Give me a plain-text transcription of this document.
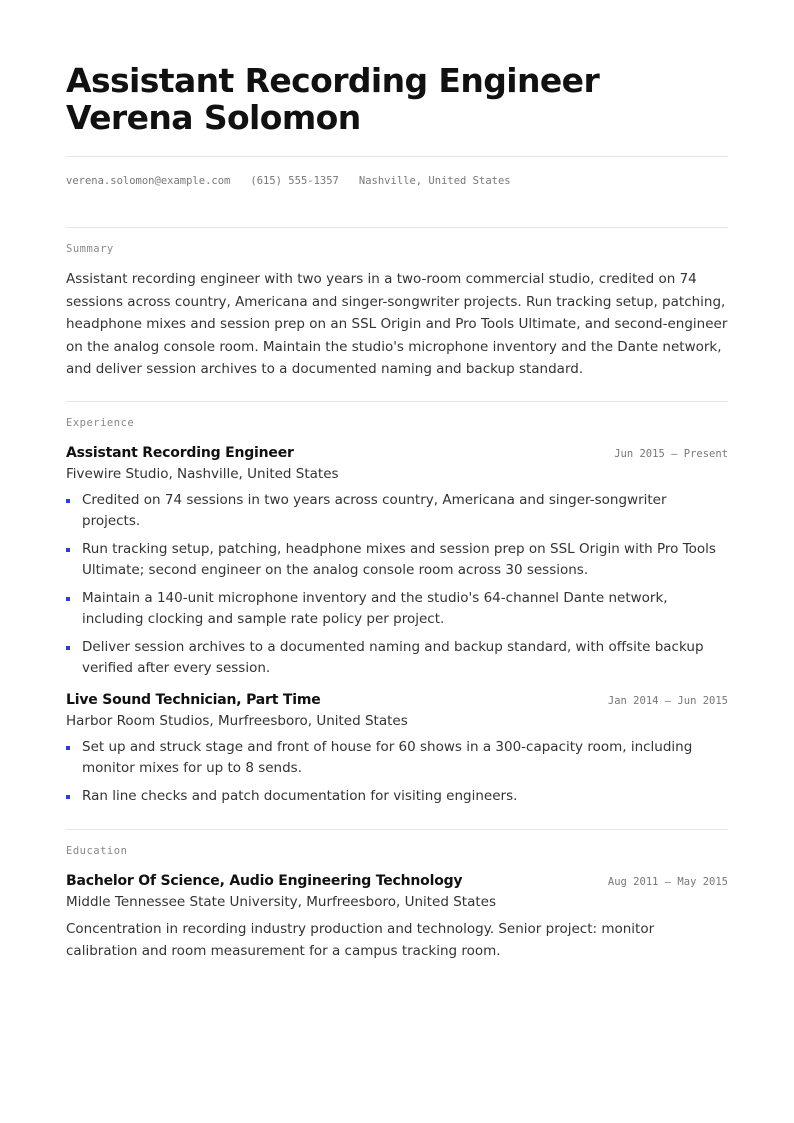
Assistant Recording Engineer Verena Solomon
verena.solomon@example.com (615) 555-1357 Nashville, United States
Summary

Assistant recording engineer with two years in a two-room commercial studio, credited on 74 sessions across country, Americana and singer-songwriter projects. Run tracking setup, patching, headphone mixes and session prep on an SSL Origin and Pro Tools Ultimate, and second-engineer on the analog console room. Maintain the studio's microphone inventory and the Dante network, and deliver session archives to a documented naming and backup standard.

Experience
Assistant Recording Engineer	Jun 2015 — Present
Fivewire Studio, Nashville, United States
Credited on 74 sessions in two years across country, Americana and singer-songwriter projects.
Run tracking setup, patching, headphone mixes and session prep on SSL Origin with Pro Tools Ultimate; second engineer on the analog console room across 30 sessions.
Maintain a 140-unit microphone inventory and the studio's 64-channel Dante network, including clocking and sample rate policy per project.
Deliver session archives to a documented naming and backup standard, with offsite backup verified after every session.
Live Sound Technician, Part Time	Jan 2014 — Jun 2015
Harbor Room Studios, Murfreesboro, United States
Set up and struck stage and front of house for 60 shows in a 300-capacity room, including monitor mixes for up to 8 sends.
Ran line checks and patch documentation for visiting engineers.
Education
Bachelor Of Science, Audio Engineering Technology	Aug 2011 — May 2015
Middle Tennessee State University, Murfreesboro, United States

Concentration in recording industry production and technology. Senior project: monitor calibration and room measurement for a campus tracking room.
